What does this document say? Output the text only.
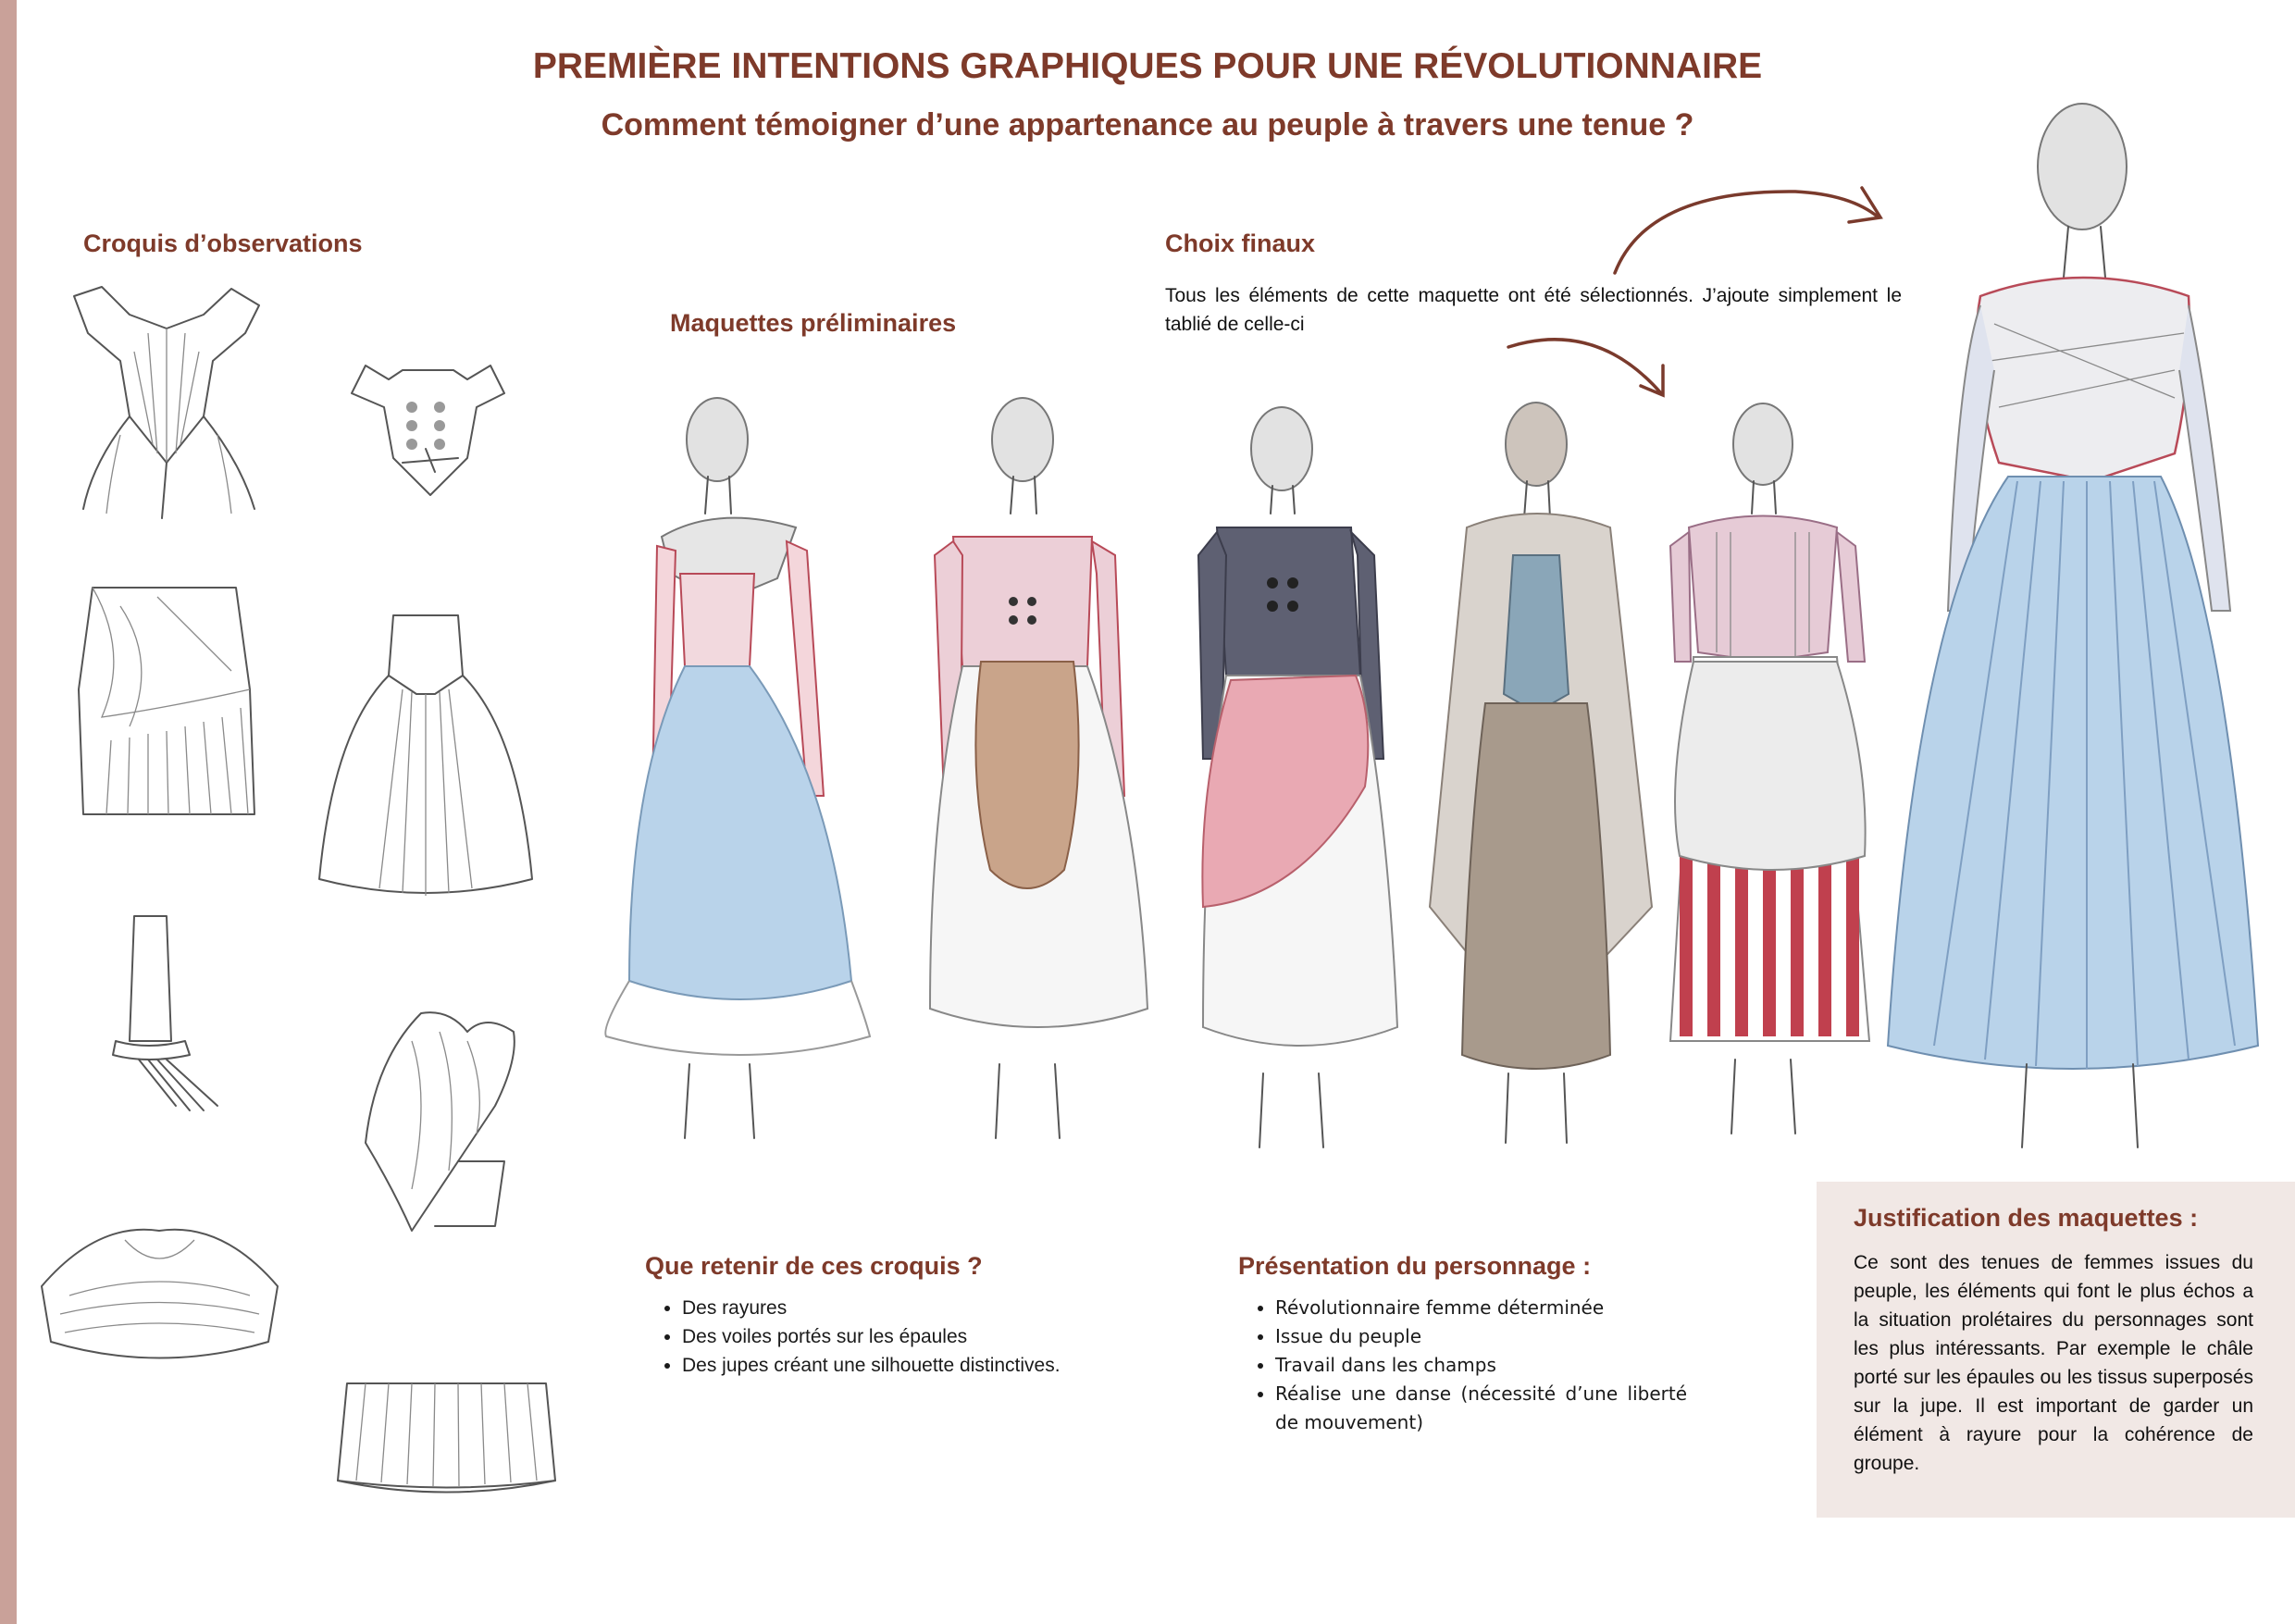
PREMIÈRE INTENTIONS GRAPHIQUES POUR UNE RÉVOLUTIONNAIRE
Comment témoigner d’une appartenance au peuple à travers une tenue ?
Croquis d’observations
Maquettes préliminaires
Choix finaux
Tous les éléments de cette maquette ont été sélectionnés. J’ajoute simplement le tablié de celle-ci
Que retenir de ces croquis ?
• Des rayures
• Des voiles portés sur les épaules
• Des jupes créant une silhouette distinctives.
Présentation du personnage :
• Révolutionnaire femme déterminée
• Issue du peuple
• Travail dans les champs
• Réalise une danse (nécessité d’une liberté de mouvement)
Justification des maquettes :
Ce sont des tenues de femmes issues du peuple, les éléments qui font le plus échos a la situation prolétaires du personnages sont les plus intéressants. Par exemple le châle porté sur les épaules ou les tissus superposés sur la jupe. Il est important de garder un élément à rayure pour la cohérence de groupe.
